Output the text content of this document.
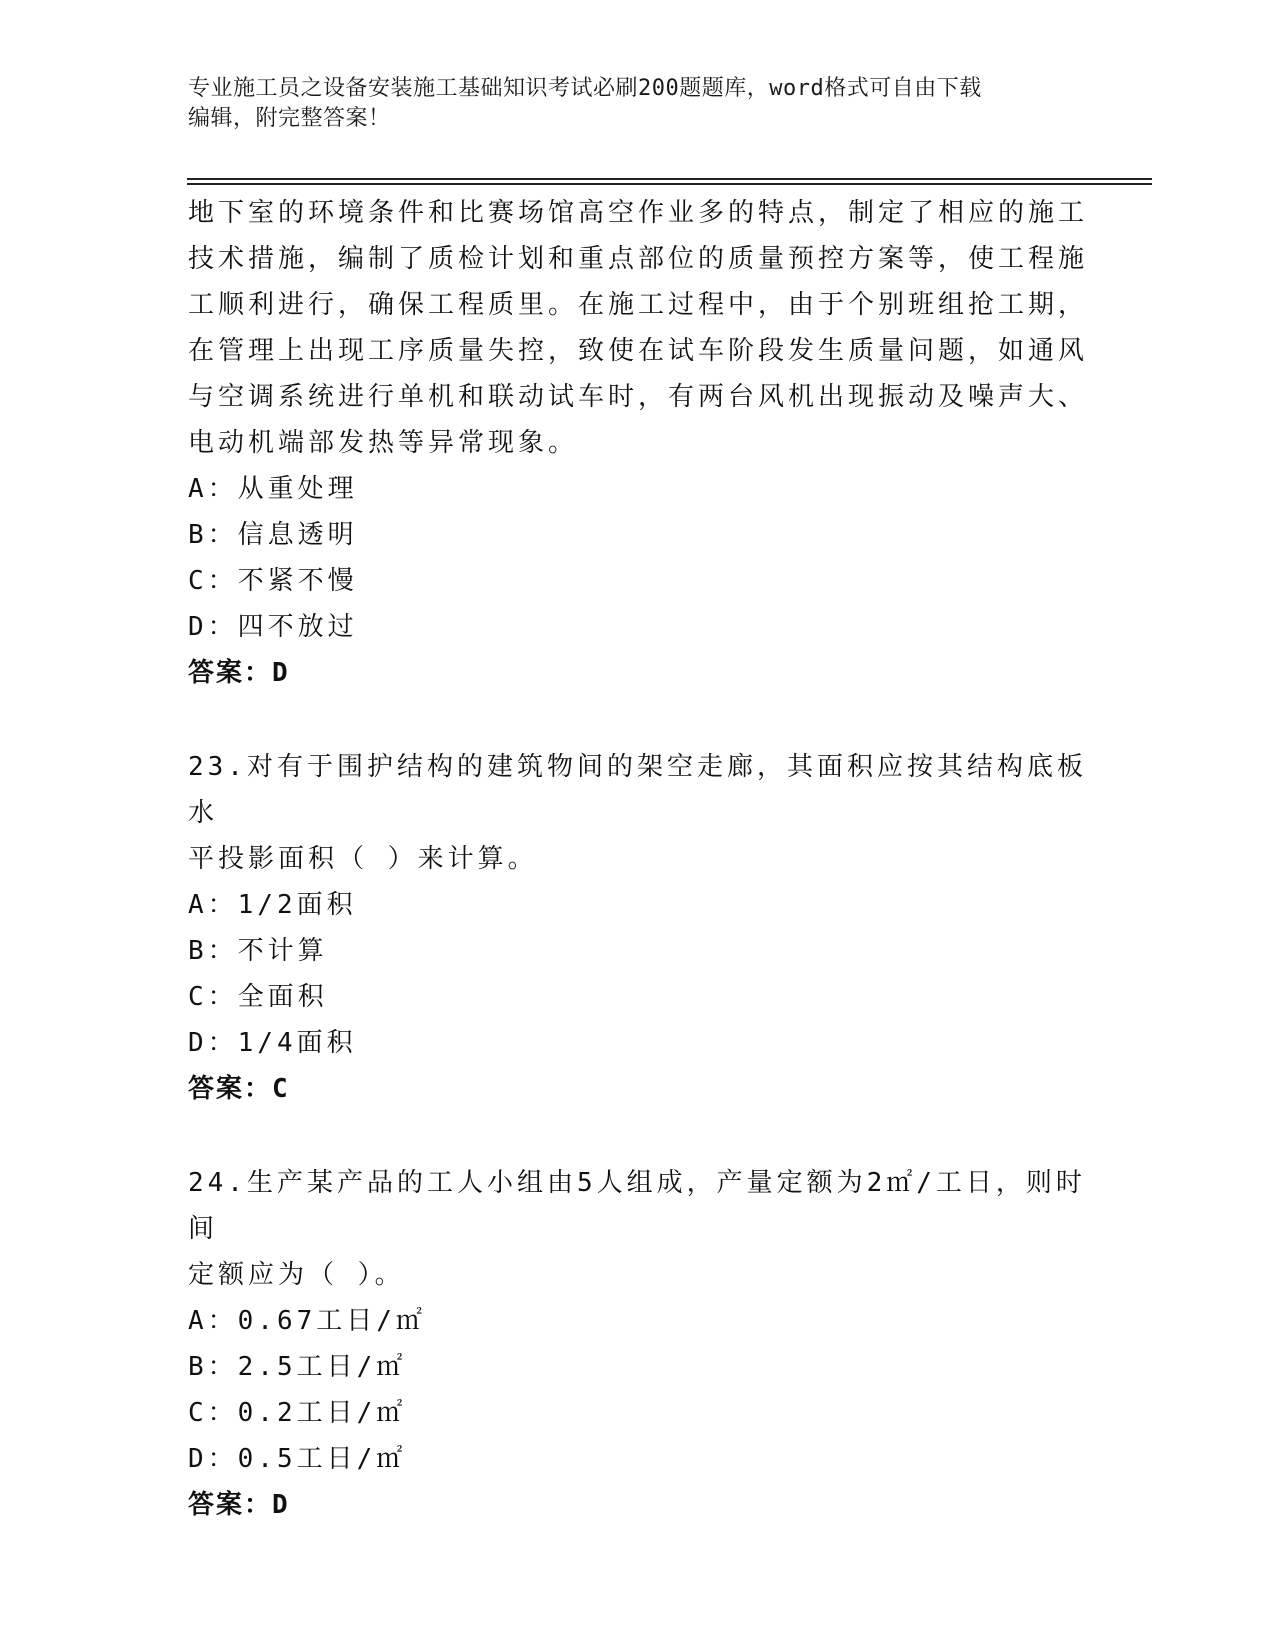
专业施工员之设备安装施工基础知识考试必刷200题题库，word格式可自由下载
编辑，附完整答案！

地下室的环境条件和比赛场馆高空作业多的特点，制定了相应的施工

技术措施，编制了质检计划和重点部位的质量预控方案等，使工程施

工顺利进行，确保工程质里。在施工过程中，由于个别班组抢工期，

在管理上出现工序质量失控，致使在试车阶段发生质量问题，如通风

与空调系统进行单机和联动试车时，有两台风机出现振动及噪声大、

电动机端部发热等异常现象。

A：从重处理

B：信息透明

C：不紧不慢

D：四不放过

答案：D

23.对有于围护结构的建筑物间的架空走廊，其面积应按其结构底板水

平投影面积（ ）来计算。

A：1/2面积

B：不计算

C：全面积

D：1/4面积

答案：C

24.生产某产品的工人小组由5人组成，产量定额为2㎡/工日，则时间

定额应为（ ）。

A：0.67工日/㎡

B：2.5工日/㎡

C：0.2工日/㎡

D：0.5工日/㎡

答案：D
